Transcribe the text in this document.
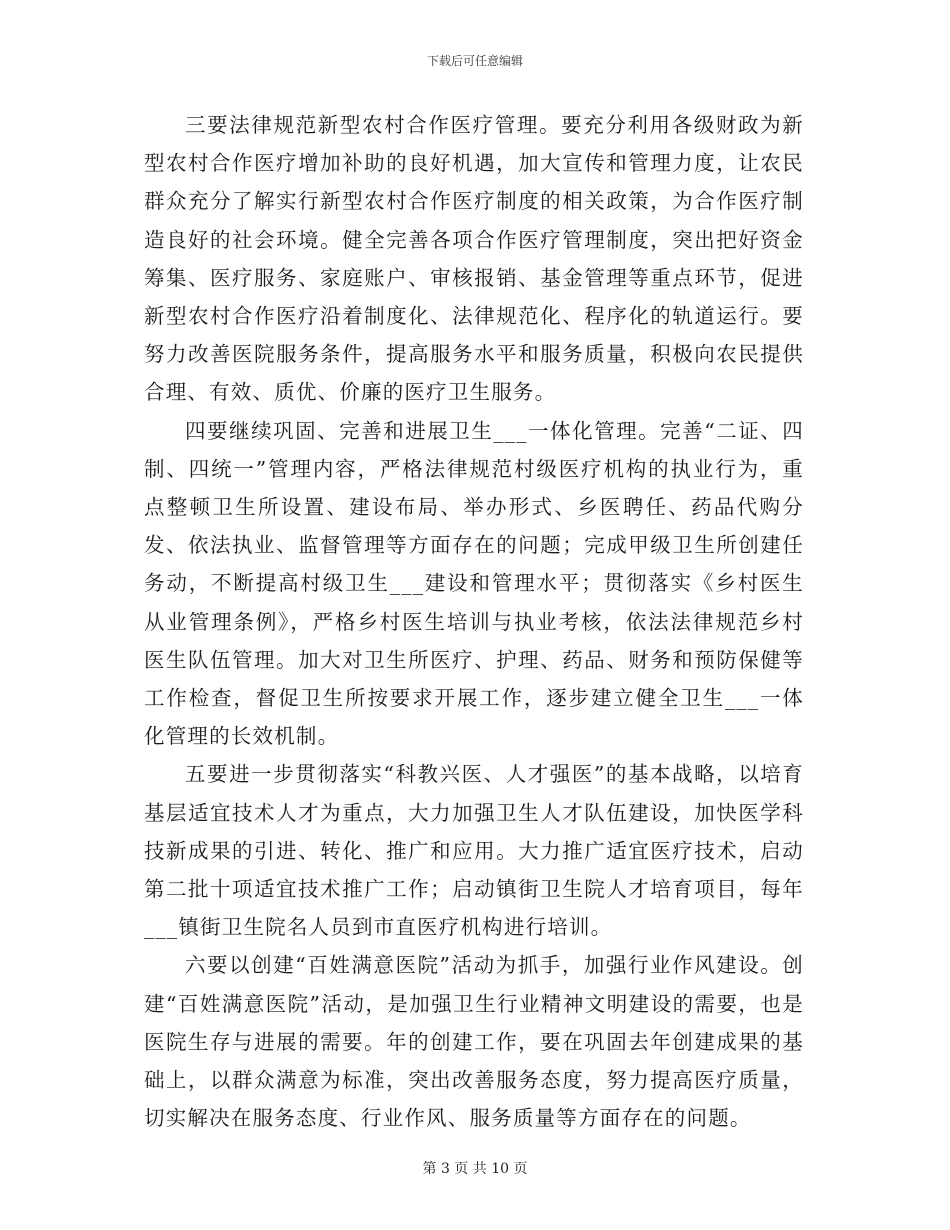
下载后可任意编辑

三要法律规范新型农村合作医疗管理。要充分利用各级财政为新型农村合作医疗增加补助的良好机遇，加大宣传和管理力度，让农民群众充分了解实行新型农村合作医疗制度的相关政策，为合作医疗制造良好的社会环境。健全完善各项合作医疗管理制度，突出把好资金筹集、医疗服务、家庭账户、审核报销、基金管理等重点环节，促进新型农村合作医疗沿着制度化、法律规范化、程序化的轨道运行。要努力改善医院服务条件，提高服务水平和服务质量，积极向农民提供合理、有效、质优、价廉的医疗卫生服务。

四要继续巩固、完善和进展卫生___一体化管理。完善“二证、四制、四统一”管理内容，严格法律规范村级医疗机构的执业行为，重点整顿卫生所设置、建设布局、举办形式、乡医聘任、药品代购分发、依法执业、监督管理等方面存在的问题；完成甲级卫生所创建任务动，不断提高村级卫生___建设和管理水平；贯彻落实《乡村医生从业管理条例》，严格乡村医生培训与执业考核，依法法律规范乡村医生队伍管理。加大对卫生所医疗、护理、药品、财务和预防保健等工作检查，督促卫生所按要求开展工作，逐步建立健全卫生___一体化管理的长效机制。

五要进一步贯彻落实“科教兴医、人才强医”的基本战略，以培育基层适宜技术人才为重点，大力加强卫生人才队伍建设，加快医学科技新成果的引进、转化、推广和应用。大力推广适宜医疗技术，启动第二批十项适宜技术推广工作；启动镇街卫生院人才培育项目，每年___镇街卫生院名人员到市直医疗机构进行培训。

六要以创建“百姓满意医院”活动为抓手，加强行业作风建设。创建“百姓满意医院”活动，是加强卫生行业精神文明建设的需要，也是医院生存与进展的需要。年的创建工作，要在巩固去年创建成果的基础上，以群众满意为标准，突出改善服务态度，努力提高医疗质量，切实解决在服务态度、行业作风、服务质量等方面存在的问题。

第 3 页 共 10 页
